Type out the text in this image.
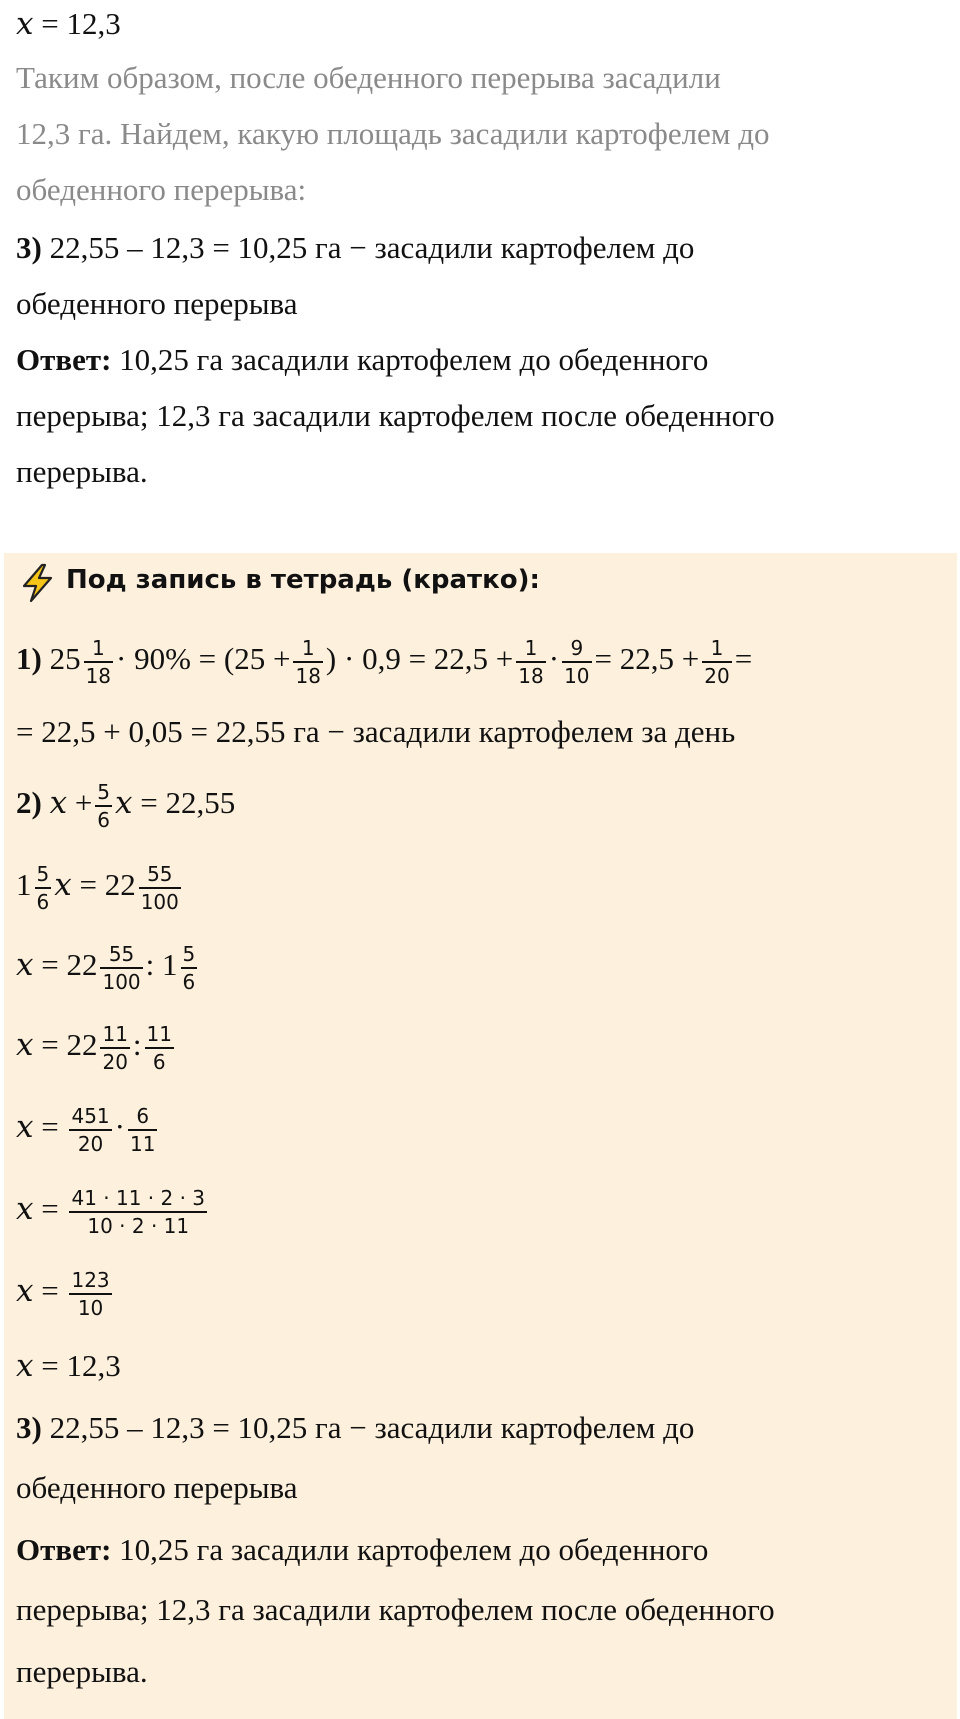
x = 12,3
Таким образом, после обеденного перерыва засадили
12,3 га. Найдем, какую площадь засадили картофелем до
обеденного перерыва:
3) 22,55 – 12,3 = 10,25 га − засадили картофелем до
обеденного перерыва
Ответ: 10,25 га засадили картофелем до обеденного
перерыва; 12,3 га засадили картофелем после обеденного
перерыва.
Под запись в тетрадь (кратко):
1) $25 \frac{1}{18} \cdot 90\% = (25 + \frac{1}{18}$ ) · $0,9 = 22,5 + \frac{1}{18} \cdot \frac{9}{10} = 22,5 + \frac{1}{20}$ =
= 22,5 + 0,05 = 22,55 га − засадили картофелем за день
2) $x + \frac{5}{6}$ x = 22,55
$1 \frac{5}{6}$ $x = 22 \frac{55}{100}$
$x = 22 \frac{55}{100}$ : $1 \frac{5}{6}$
$x = 22 \frac{11}{20}$ : $\frac{11}{6}$
$x = \frac{451}{20} \cdot \frac{6}{11}$
$x = \frac{41 \cdot 11 \cdot 2 \cdot 3}{10 \cdot 2 \cdot 11}$
$x = \frac{123}{10}$
x = 12,3
3) 22,55 – 12,3 = 10,25 га − засадили картофелем до
обеденного перерыва
Ответ: 10,25 га засадили картофелем до обеденного
перерыва; 12,3 га засадили картофелем после обеденного
перерыва.
